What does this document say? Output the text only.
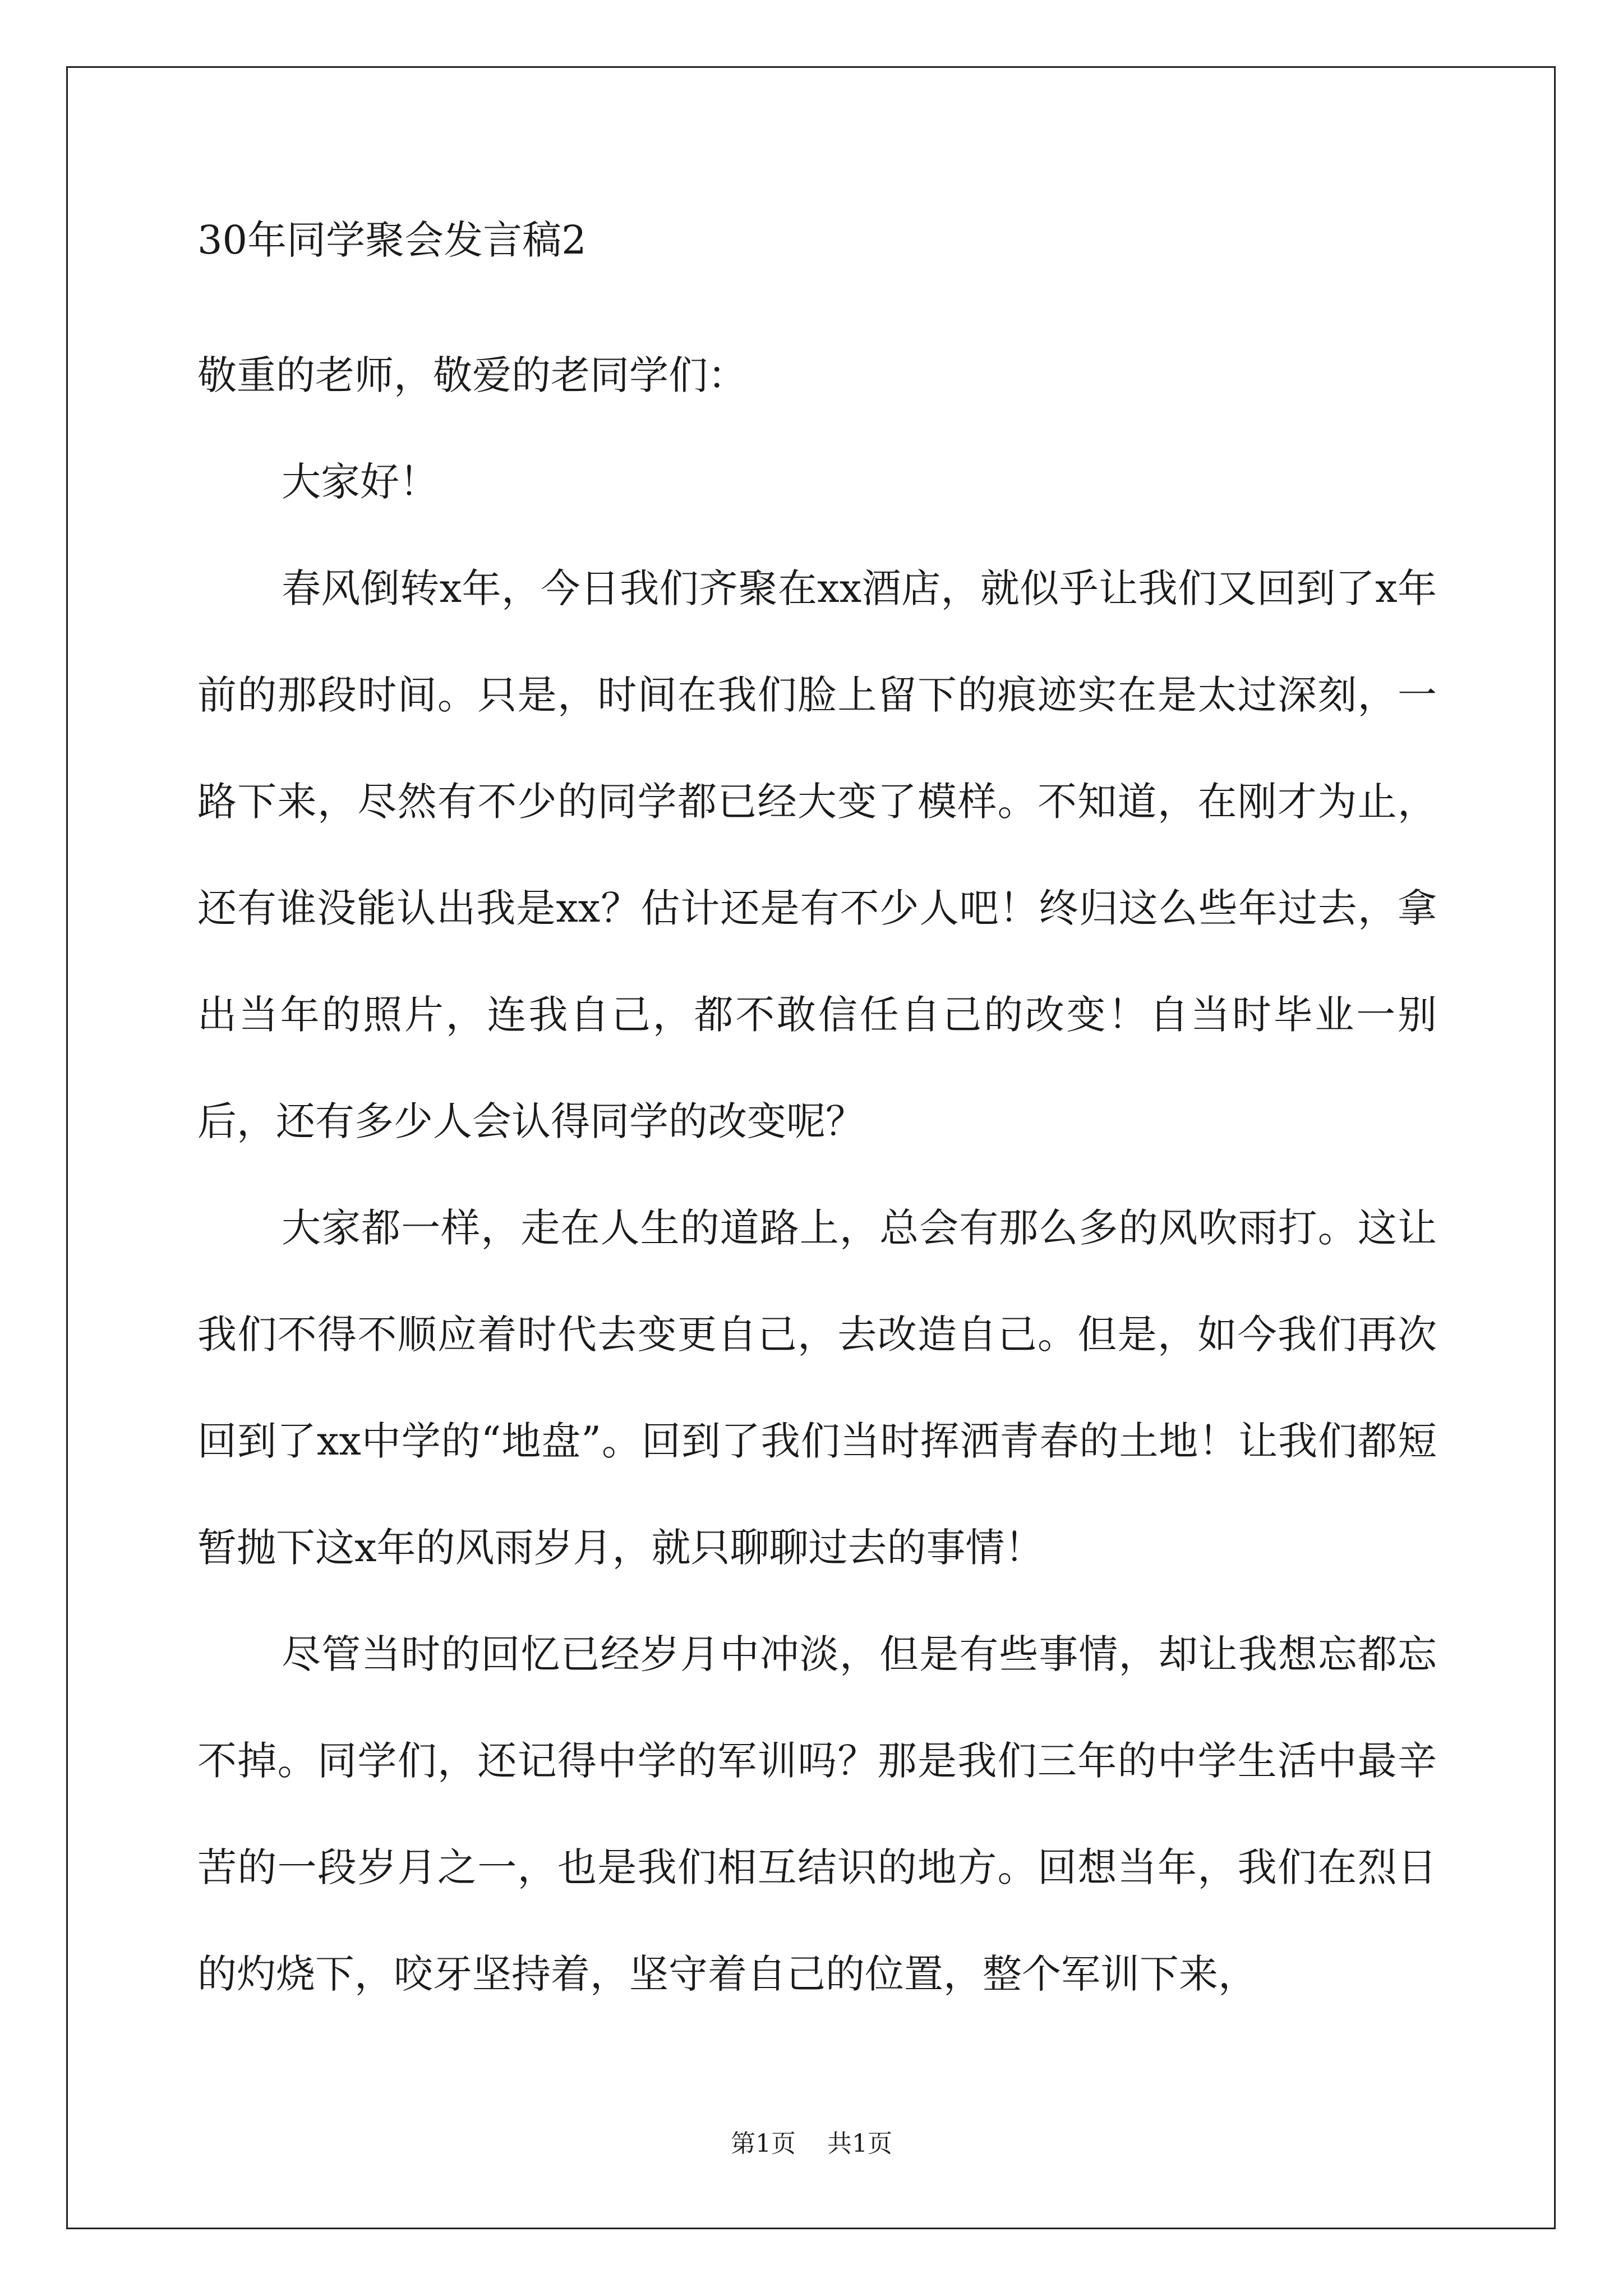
30年同学聚会发言稿2

敬重的老师，敬爱的老同学们：

大家好！

春风倒转x年，今日我们齐聚在xx酒店，就似乎让我们又回到了x年前的那段时间。只是，时间在我们脸上留下的痕迹实在是太过深刻，一路下来，尽然有不少的同学都已经大变了模样。不知道，在刚才为止，还有谁没能认出我是xx？估计还是有不少人吧！终归这么些年过去，拿出当年的照片，连我自己，都不敢信任自己的改变！自当时毕业一别后，还有多少人会认得同学的改变呢？

大家都一样，走在人生的道路上，总会有那么多的风吹雨打。这让我们不得不顺应着时代去变更自己，去改造自己。但是，如今我们再次回到了xx中学的“地盘”。回到了我们当时挥洒青春的土地！让我们都短暂抛下这x年的风雨岁月，就只聊聊过去的事情！

尽管当时的回忆已经岁月中冲淡，但是有些事情，却让我想忘都忘不掉。同学们，还记得中学的军训吗？那是我们三年的中学生活中最辛苦的一段岁月之一，也是我们相互结识的地方。回想当年，我们在烈日的灼烧下，咬牙坚持着，坚守着自己的位置，整个军训下来，

第1页    共1页
